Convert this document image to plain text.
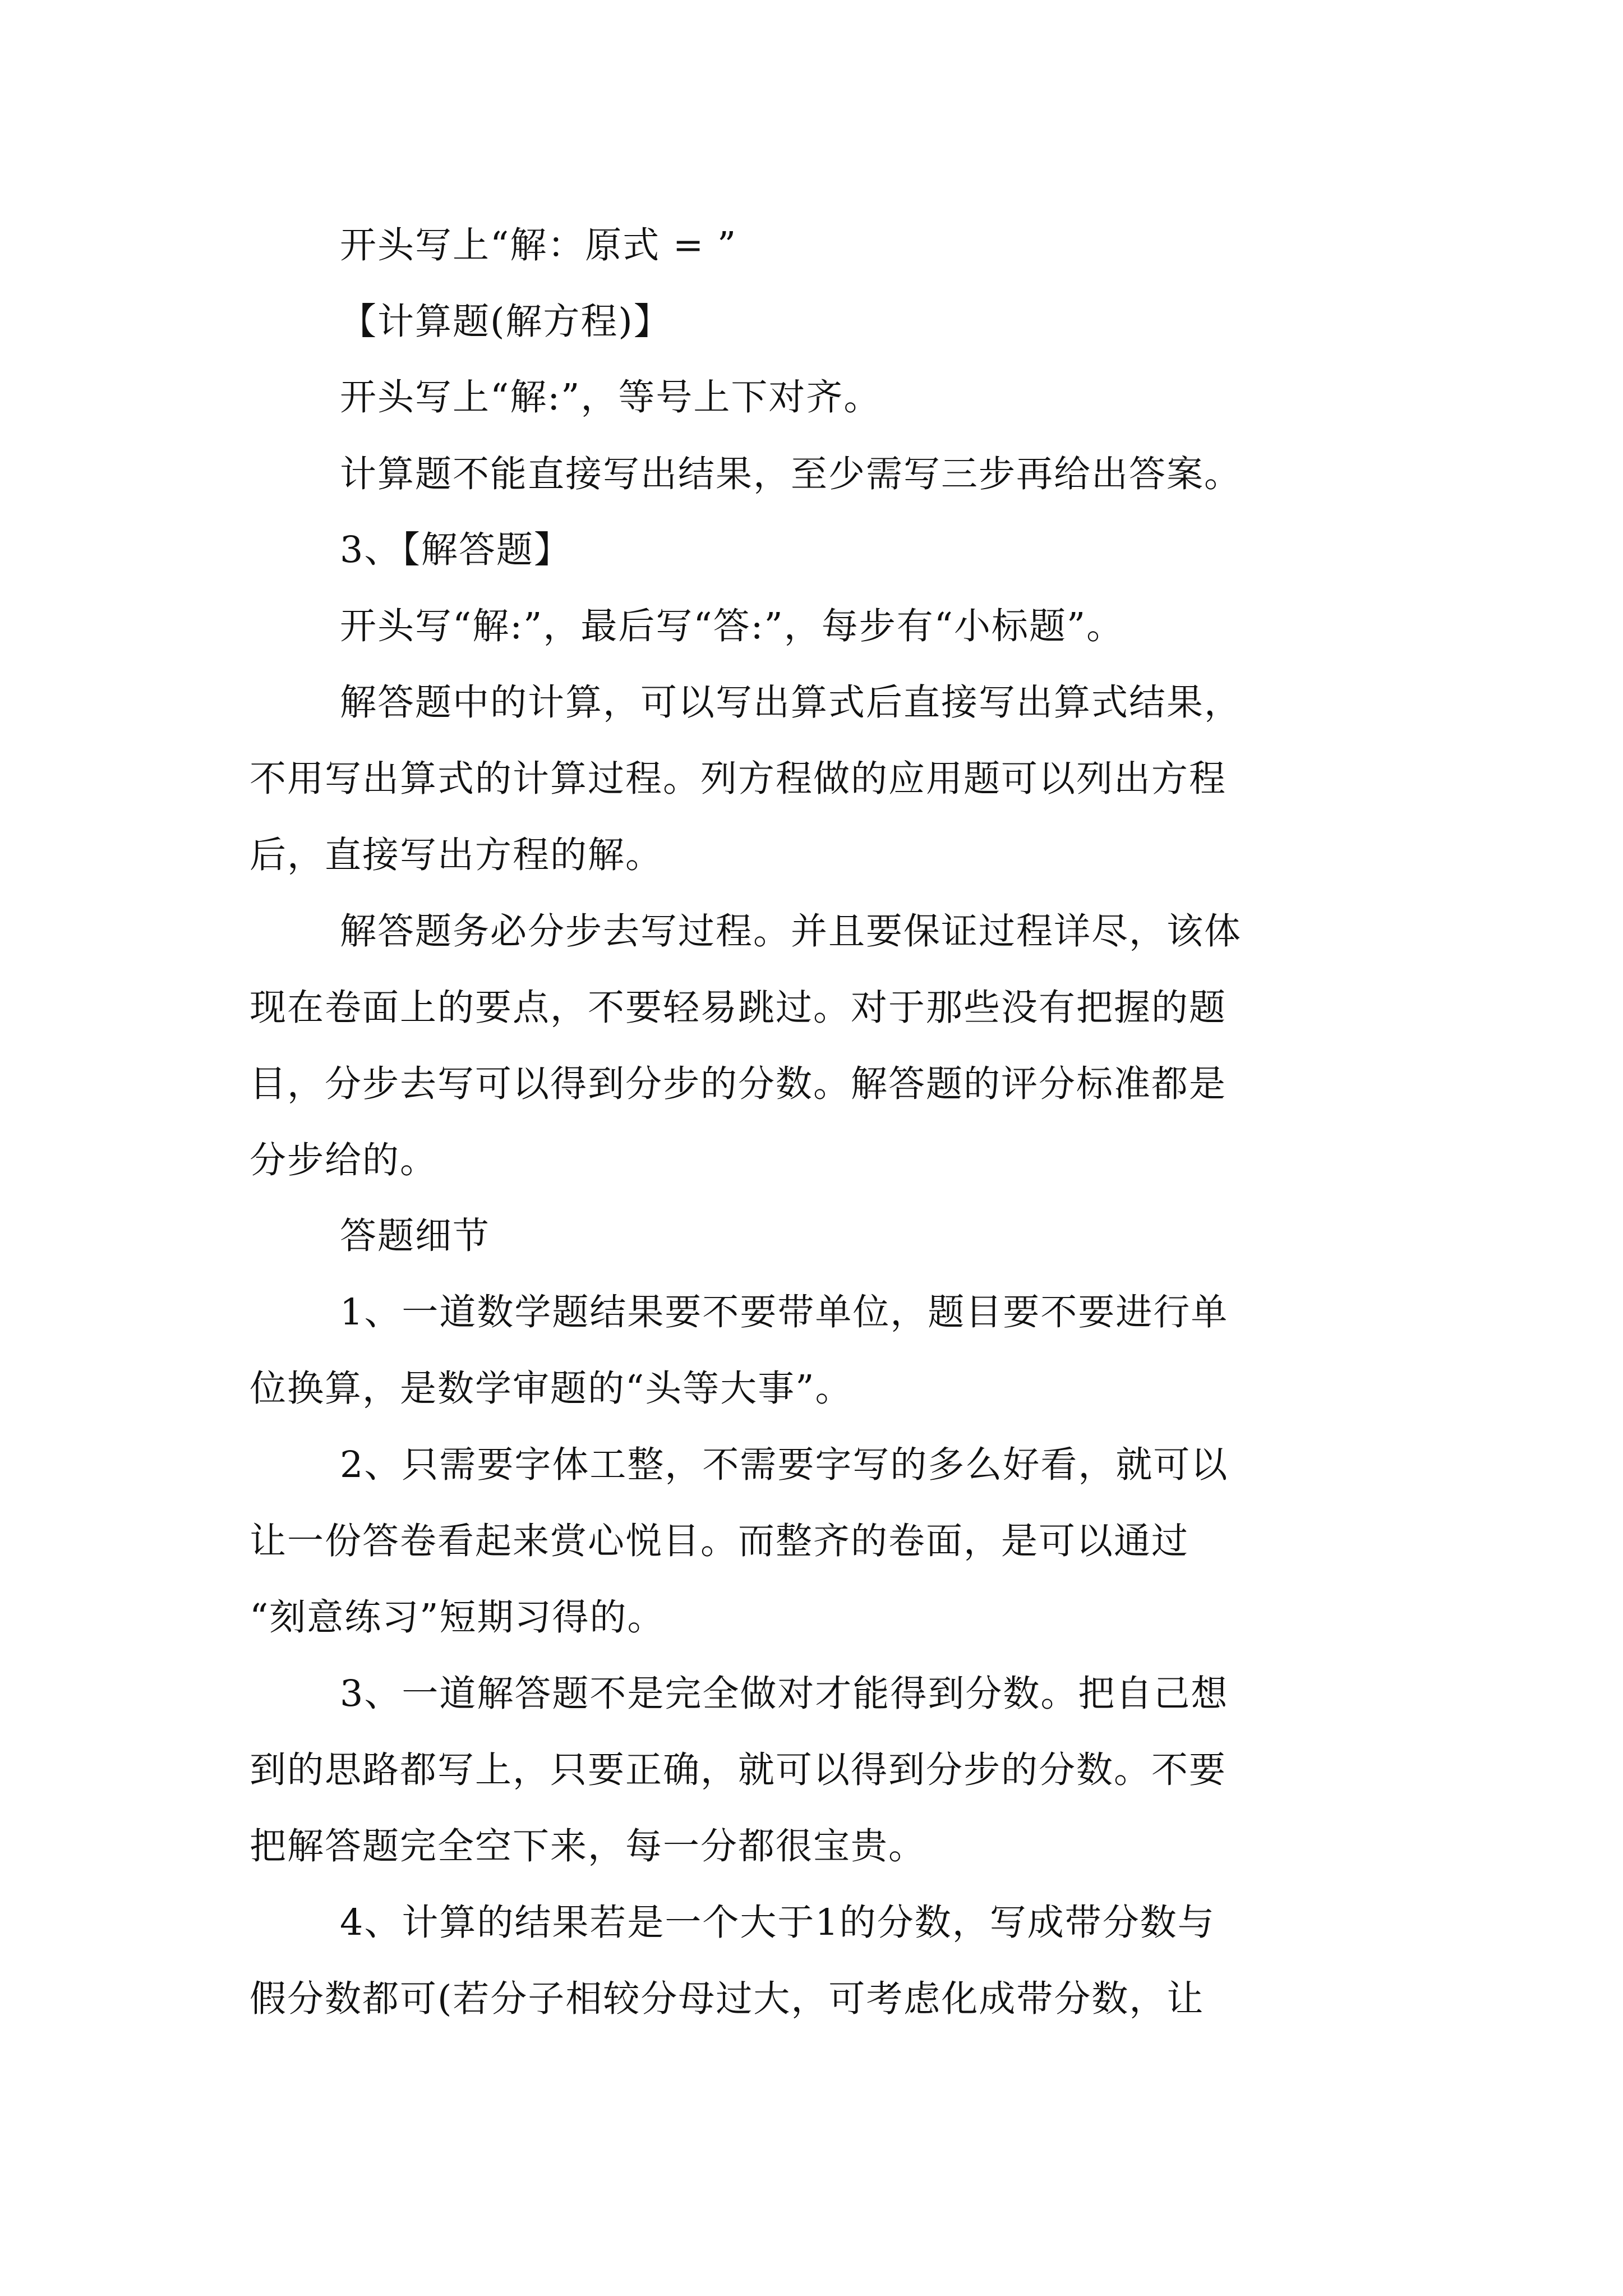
开头写上“解：原式 = ”
【计算题(解方程)】
开头写上“解:”，等号上下对齐。
计算题不能直接写出结果，至少需写三步再给出答案。
3、【解答题】
开头写“解:”，最后写“答:”，每步有“小标题”。
解答题中的计算，可以写出算式后直接写出算式结果，
不用写出算式的计算过程。列方程做的应用题可以列出方程
后，直接写出方程的解。
解答题务必分步去写过程。并且要保证过程详尽，该体
现在卷面上的要点，不要轻易跳过。对于那些没有把握的题
目，分步去写可以得到分步的分数。解答题的评分标准都是
分步给的。
答题细节
1、一道数学题结果要不要带单位，题目要不要进行单
位换算，是数学审题的“头等大事”。
2、只需要字体工整，不需要字写的多么好看，就可以
让一份答卷看起来赏心悦目。而整齐的卷面，是可以通过
“刻意练习”短期习得的。
3、一道解答题不是完全做对才能得到分数。把自己想
到的思路都写上，只要正确，就可以得到分步的分数。不要
把解答题完全空下来，每一分都很宝贵。
4、计算的结果若是一个大于1的分数，写成带分数与
假分数都可(若分子相较分母过大，可考虑化成带分数，让
